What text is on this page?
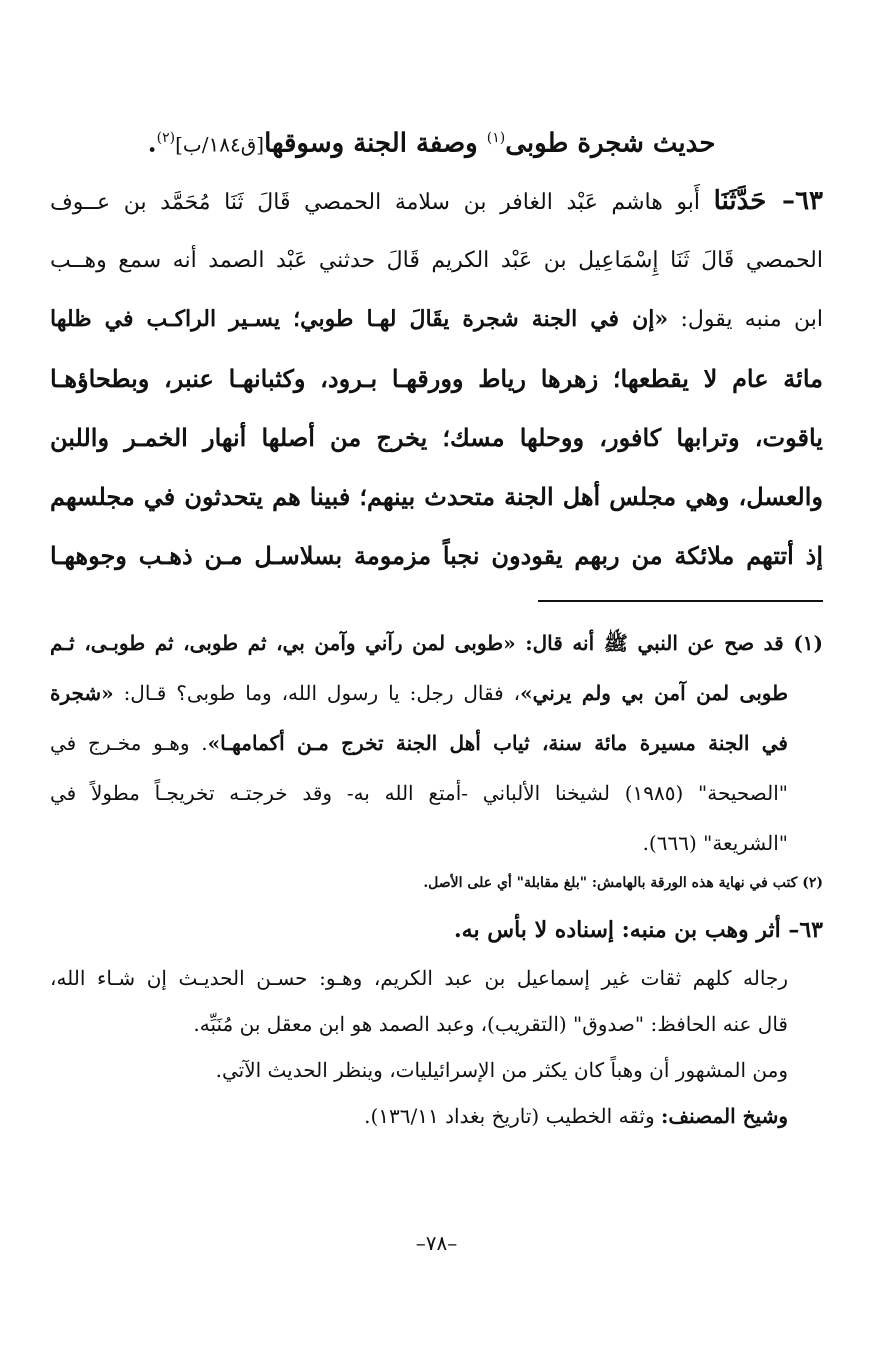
حديث شجرة طوبى$^{(١)}$ وصفة الجنة وسوقها[ق١٨٤/ب]$^{(٢)}$.
٦٣– حَدَّثَنَا أَبو هاشم عَبْد الغافر بن سلامة الحمصي قَالَ ثَنَا مُحَمَّد بن عــوف
الحمصي قَالَ ثَنَا إِسْمَاعِيل بن عَبْد الكريم قَالَ حدثني عَبْد الصمد أنه سمع وهــب
ابن منبه يقول: «إن في الجنة شجرة يقَالَ لهـا طوبي؛ يسـير الراكـب في ظلها
مائة عام لا يقطعها؛ زهرها رياط وورقهـا بـرود، وكثبانهـا عنبر، وبطحاؤهـا
ياقوت، وترابها كافور، ووحلها مسك؛ يخرج من أصلها أنهار الخمـر واللبن
والعسل، وهي مجلس أهل الجنة متحدث بينهم؛ فبينا هم يتحدثون في مجلسهم
إذ أتتهم ملائكة من ربهم يقودون نجباً مزمومة بسلاسـل مـن ذهـب وجوههـا
(١) قد صح عن النبي ﷺ أنه قال: «طوبى لمن رآني وآمن بي، ثم طوبى، ثم طوبـى، ثـم
طوبى لمن آمن بي ولم يرني»، فقال رجل: يا رسول الله، وما طوبى؟ قـال: «شجرة
في الجنة مسيرة مائة سنة، ثياب أهل الجنة تخرج مـن أكمامهـا». وهـو مخـرج في
"الصحيحة" (١٩٨٥) لشيخنا الألباني -أمتع الله به- وقد خرجتـه تخريجـاً مطولاً في
"الشريعة" (٦٦٦).
(٢) كتب في نهاية هذه الورقة بالهامش: "بلغ مقابلة" أي على الأصل.
٦٣– أثر وهب بن منبه: إسناده لا بأس به.
رجاله كلهم ثقات غير إسماعيل بن عبد الكريم، وهـو: حسـن الحديـث إن شـاء الله،
قال عنه الحافظ: "صدوق" (التقريب)، وعبد الصمد هو ابن معقل بن مُنَبِّه.
ومن المشهور أن وهباً كان يكثر من الإسرائيليات، وينظر الحديث الآتي.
وشيخ المصنف: وثقه الخطيب (تاريخ بغداد ١٣٦/١١).
–٧٨–
